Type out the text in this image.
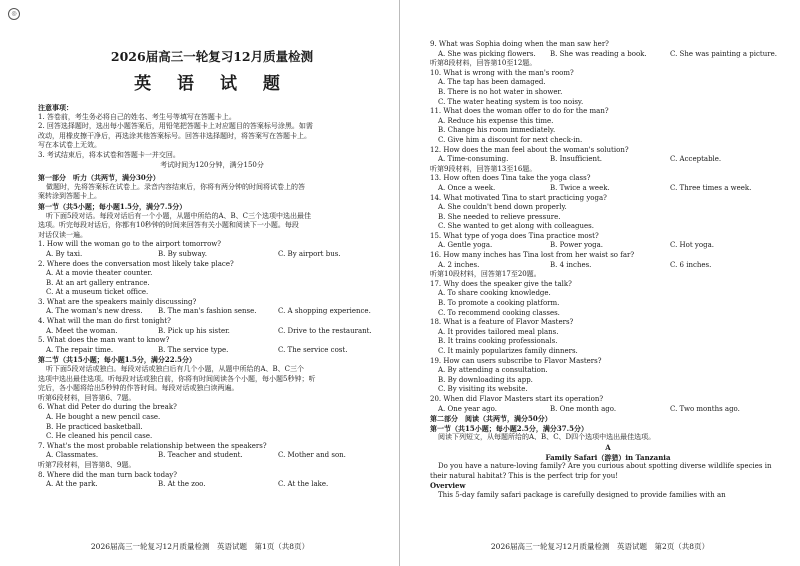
◎
2026届高三一轮复习12月质量检测
英 语 试 题
注意事项：
1. 答卷前，考生务必将自己的姓名、考生号等填写在答题卡上。
2. 回答选择题时，选出每小题答案后，用铅笔把答题卡上对应题目的答案标号涂黑。如需
改动，用橡皮擦干净后，再选涂其他答案标号。回答非选择题时，将答案写在答题卡上。
写在本试卷上无效。
3. 考试结束后，将本试卷和答题卡一并交回。
考试时间为120分钟，满分150分
第一部分　听力（共两节，满分30分）
做题时，先将答案标在试卷上。录音内容结束后，你将有两分钟的时间将试卷上的答
案转涂到答题卡上。
第一节（共5小题；每小题1.5分，满分7.5分）
听下面5段对话。每段对话后有一个小题，从题中所给的A、B、C三个选项中选出最佳
选项。听完每段对话后，你都有10秒钟的时间来回答有关小题和阅读下一小题。每段
对话仅读一遍。
1. How will the woman go to the airport tomorrow?
A. By taxi.	B. By subway.	C. By airport bus.
2. Where does the conversation most likely take place?
A. At a movie theater counter.
B. At an art gallery entrance.
C. At a museum ticket office.
3. What are the speakers mainly discussing?
A. The woman's new dress.	B. The man's fashion sense.	C. A shopping experience.
4. What will the man do first tonight?
A. Meet the woman.	B. Pick up his sister.	C. Drive to the restaurant.
5. What does the man want to know?
A. The repair time.	B. The service type.	C. The service cost.
第二节（共15小题；每小题1.5分，满分22.5分）
听下面5段对话或独白。每段对话或独白后有几个小题，从题中所给的A、B、C三个
选项中选出最佳选项。听每段对话或独白前，你将有时间阅读各个小题，每小题5秒钟；听
完后，各小题将给出5秒钟的作答时间。每段对话或独白读两遍。
听第6段材料，回答第6、7题。
6. What did Peter do during the break?
A. He bought a new pencil case.
B. He practiced basketball.
C. He cleaned his pencil case.
7. What's the most probable relationship between the speakers?
A. Classmates.	B. Teacher and student.	C. Mother and son.
听第7段材料，回答第8、9题。
8. Where did the man turn back today?
A. At the park.	B. At the zoo.	C. At the lake.
2026届高三一轮复习12月质量检测　英语试题　第1页（共8页）
9. What was Sophia doing when the man saw her?
A. She was picking flowers.	B. She was reading a book.	C. She was painting a picture.
听第8段材料，回答第10至12题。
10. What is wrong with the man's room?
A. The tap has been damaged.
B. There is no hot water in shower.
C. The water heating system is too noisy.
11. What does the woman offer to do for the man?
A. Reduce his expense this time.
B. Change his room immediately.
C. Give him a discount for next check-in.
12. How does the man feel about the woman's solution?
A. Time-consuming.	B. Insufficient.	C. Acceptable.
听第9段材料，回答第13至16题。
13. How often does Tina take the yoga class?
A. Once a week.	B. Twice a week.	C. Three times a week.
14. What motivated Tina to start practicing yoga?
A. She couldn't bend down properly.
B. She needed to relieve pressure.
C. She wanted to get along with colleagues.
15. What type of yoga does Tina practice most?
A. Gentle yoga.	B. Power yoga.	C. Hot yoga.
16. How many inches has Tina lost from her waist so far?
A. 2 inches.	B. 4 inches.	C. 6 inches.
听第10段材料，回答第17至20题。
17. Why does the speaker give the talk?
A. To share cooking knowledge.
B. To promote a cooking platform.
C. To recommend cooking classes.
18. What is a feature of Flavor Masters?
A. It provides tailored meal plans.
B. It trains cooking professionals.
C. It mainly popularizes family dinners.
19. How can users subscribe to Flavor Masters?
A. By attending a consultation.
B. By downloading its app.
C. By visiting its website.
20. When did Flavor Masters start its operation?
A. One year ago.	B. One month ago.	C. Two months ago.
第二部分　阅读（共两节，满分50分）
第一节（共15小题；每小题2.5分，满分37.5分）
阅读下列短文，从每题所给的A、B、C、D四个选项中选出最佳选项。
A
Family Safari（游猎）in Tanzania
Do you have a nature-loving family? Are you curious about spotting diverse wildlife species in
their natural habitat? This is the perfect trip for you!
Overview
This 5-day family safari package is carefully designed to provide families with an
2026届高三一轮复习12月质量检测　英语试题　第2页（共8页）
